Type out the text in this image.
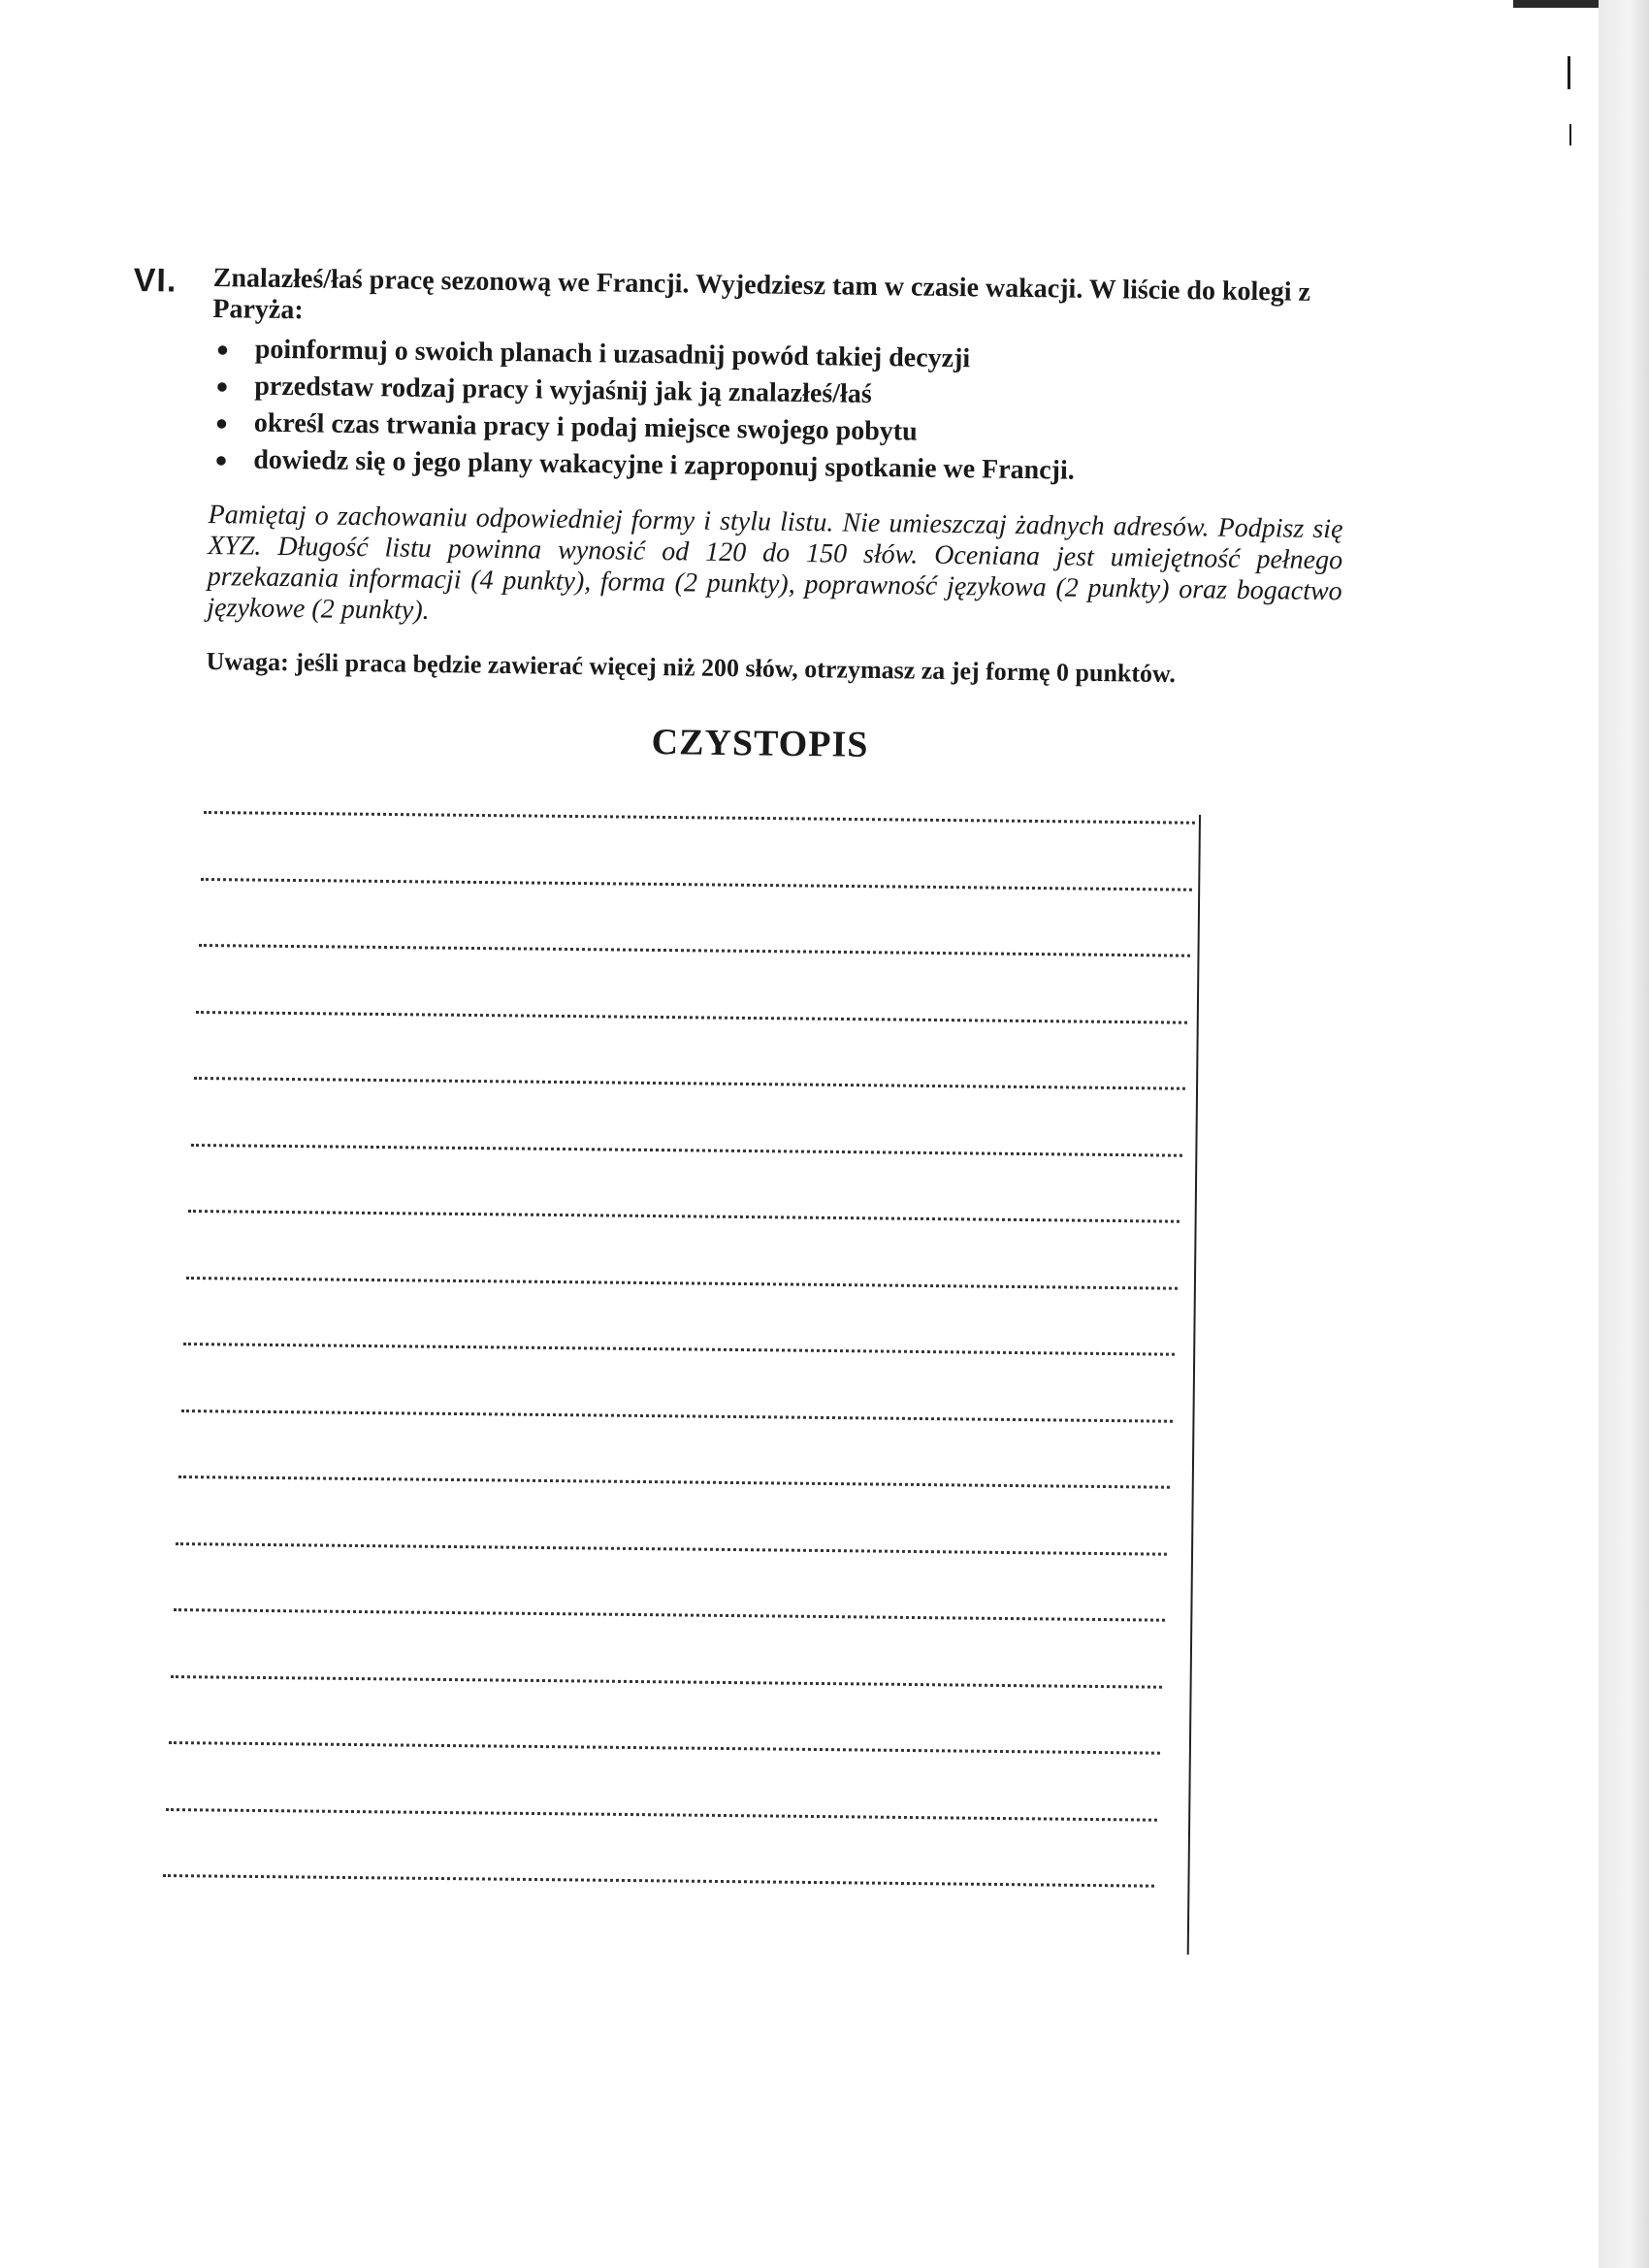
VI. Znalazłeś/łaś pracę sezonową we Francji. Wyjedziesz tam w czasie wakacji. W liście do kolegi z Paryża:
● poinformuj o swoich planach i uzasadnij powód takiej decyzji
● przedstaw rodzaj pracy i wyjaśnij jak ją znalazłeś/łaś
● określ czas trwania pracy i podaj miejsce swojego pobytu
● dowiedz się o jego plany wakacyjne i zaproponuj spotkanie we Francji.
Pamiętaj o zachowaniu odpowiedniej formy i stylu listu. Nie umieszczaj żadnych adresów. Podpisz się XYZ. Długość listu powinna wynosić od 120 do 150 słów. Oceniana jest umiejętność pełnego przekazania informacji (4 punkty), forma (2 punkty), poprawność językowa (2 punkty) oraz bogactwo językowe (2 punkty).
Uwaga: jeśli praca będzie zawierać więcej niż 200 słów, otrzymasz za jej formę 0 punktów.
CZYSTOPIS
